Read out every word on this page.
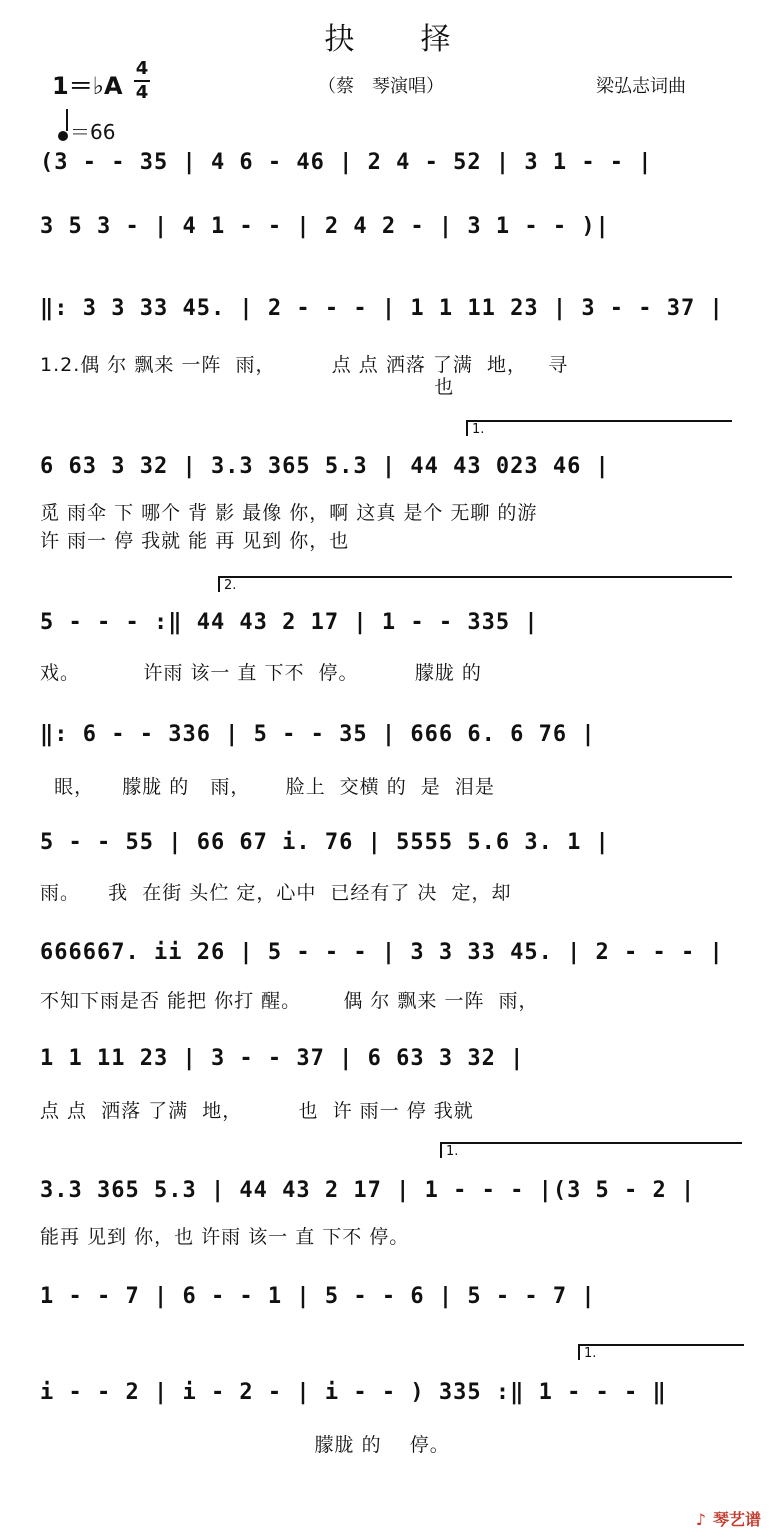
抉　　择
1＝♭A
4
4	（蔡　琴演唱）	梁弘志词曲
＝66
(3 - - 35 | 4 6 - 46 | 2 4 - 52 | 3 1 - - |
3 5 3 - | 4 1 - - | 2 4 2 - | 3 1 - - )|
‖: 3 3 33 45. | 2 - - - | 1 1 11 23 | 3 - - 37 |
1.2.偶 尔 飘来 一阵  雨，        点 点 洒落 了满  地，   寻
也
1.
6 63 3 32 | 3.3 365 5.3 | 44 43 023 46 |
觅 雨伞 下 哪个 背 影 最像 你，啊 这真 是个 无聊 的游
许 雨一 停 我就 能 再 见到 你，也
2.
5 - - - :‖ 44 43 2 17 | 1 - - 335 |
戏。         许雨 该一 直 下不  停。        朦胧 的
‖: 6 - - 336 | 5 - - 35 | 666 6. 6 76 |
眼，    朦胧 的   雨，     脸上  交横 的  是  泪是
5 - - 55 | 66 67 i. 76 | 5555 5.6 3. 1 |
雨。    我  在街 头伫 定，心中  已经有了 决  定，却
666667. ii 26 | 5 - - - | 3 3 33 45. | 2 - - - |
不知下雨是否 能把 你打 醒。      偶 尔 飘来 一阵  雨，
1 1 11 23 | 3 - - 37 | 6 63 3 32 |
点 点  洒落 了满  地，        也  许 雨一 停 我就
1.
3.3 365 5.3 | 44 43 2 17 | 1 - - - |(3 5 - 2 |
能再 见到 你，也 许雨 该一 直 下不 停。
1 - - 7 | 6 - - 1 | 5 - - 6 | 5 - - 7 |
1.
i - - 2 | i - 2 - | i - - ) 335 :‖ 1 - - - ‖
朦胧 的    停。
♪ 琴艺谱
